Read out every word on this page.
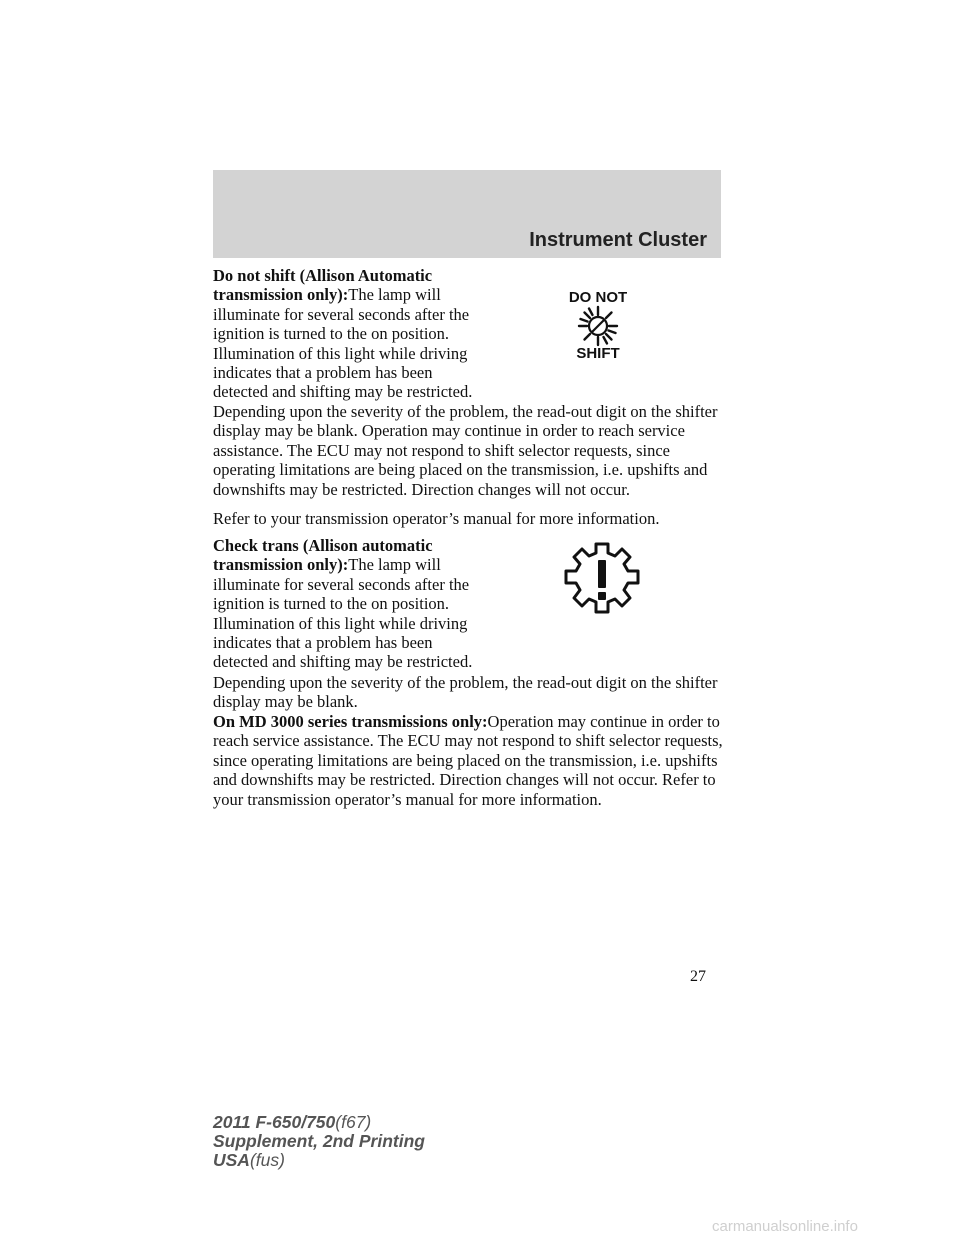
Instrument Cluster

Do not shift (Allison Automatic transmission only):The lamp will illuminate for several seconds after the ignition is turned to the on position. Illumination of this light while driving indicates that a problem has been detected and shifting may be restricted.

DO NOT
SHIFT

Depending upon the severity of the problem, the read-out digit on the shifter display may be blank. Operation may continue in order to reach service assistance. The ECU may not respond to shift selector requests, since operating limitations are being placed on the transmission, i.e. upshifts and downshifts may be restricted. Direction changes will not occur.

Refer to your transmission operator’s manual for more information.

Check trans (Allison automatic transmission only):The lamp will illuminate for several seconds after the ignition is turned to the on position. Illumination of this light while driving indicates that a problem has been detected and shifting may be restricted.

Depending upon the severity of the problem, the read-out digit on the shifter display may be blank.

On MD 3000 series transmissions only:Operation may continue in order to reach service assistance. The ECU may not respond to shift selector requests, since operating limitations are being placed on the transmission, i.e. upshifts and downshifts may be restricted. Direction changes will not occur. Refer to your transmission operator’s manual for more information.

27
2011 F-650/750(f67)
Supplement, 2nd Printing
USA(fus)
carmanualsonline.info
